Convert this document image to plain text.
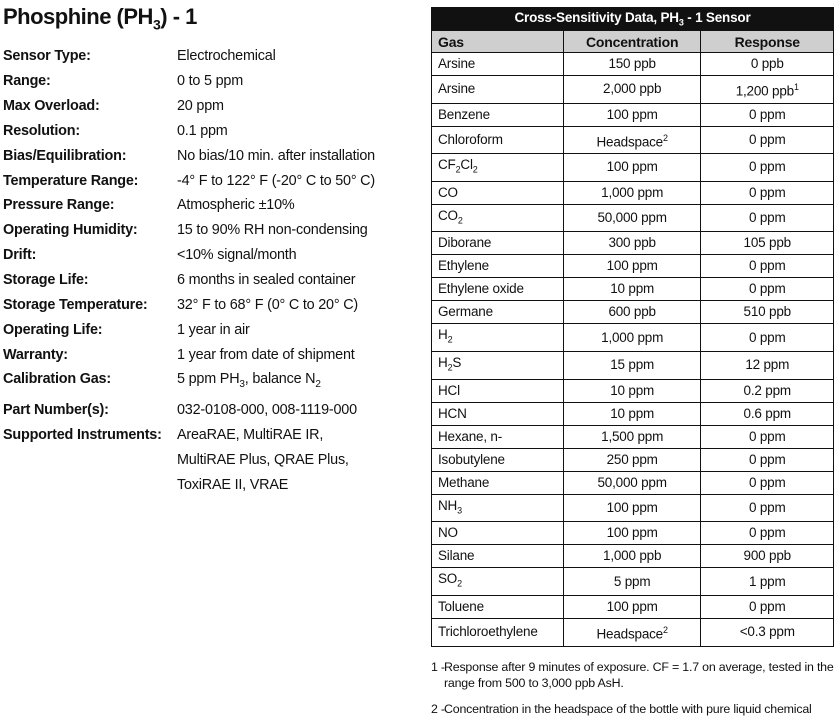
Phosphine $(PH_3) - 1$
Sensor Type:	Electrochemical
Range:	0 to 5 ppm
Max Overload:	20 ppm
Resolution:	0.1 ppm
Bias/Equilibration:	No bias/10 min. after installation
Temperature Range:	-4° F to 122° F (-20° C to 50° C)
Pressure Range:	Atmospheric ±10%
Operating Humidity:	15 to 90% RH non-condensing
Drift:	<10% signal/month
Storage Life:	6 months in sealed container
Storage Temperature: 32° F to 68° F (0° C to 20° C)
Operating Life:	1 year in air
Warranty:	1 year from date of shipment
Calibration Gas:	5 ppm $PH_3$, balance $N_2$
Part Number(s):	032-0108-000, 008-1119-000
Supported Instruments: AreaRAE, MultiRAE IR,
MultiRAE Plus, QRAE Plus,
ToxiRAE II, VRAE
Cross-Sensitivity Data, $PH_3 - 1$ Sensor		
Gas	Concentration	Response
Arsine	150 ppb	0 ppb
Arsine	2,000 ppb	1,200 ppb$^1$
Benzene	100 ppm	0 ppm
Chloroform	Headspace$^2$	0 ppm
$CF_2Cl_2$	100 ppm	0 ppm
CO	1,000 ppm	0 ppm
$CO_2$	50,000 ppm	0 ppm
Diborane	300 ppb	105 ppb
Ethylene	100 ppm	0 ppm
Ethylene oxide	10 ppm	0 ppm
Germane	600 ppb	510 ppb
$H_2$	1,000 ppm	0 ppm
$H_2S$	15 ppm	12 ppm
HCl	10 ppm	0.2 ppm
HCN	10 ppm	0.6 ppm
Hexane, n-	1,500 ppm	0 ppm
Isobutylene	250 ppm	0 ppm
Methane	50,000 ppm	0 ppm
$NH_3$	100 ppm	0 ppm
NO	100 ppm	0 ppm
Silane	1,000 ppb	900 ppb
$SO_2$	5 ppm	1 ppm
Toluene	100 ppm	0 ppm
Trichloroethylene	Headspace$^2$	<0.3 ppm
1 - Response after 9 minutes of exposure. CF = 1.7 on average, tested in the range from 500 to 3,000 ppb AsH.
2 - Concentration in the headspace of the bottle with pure liquid chemical
